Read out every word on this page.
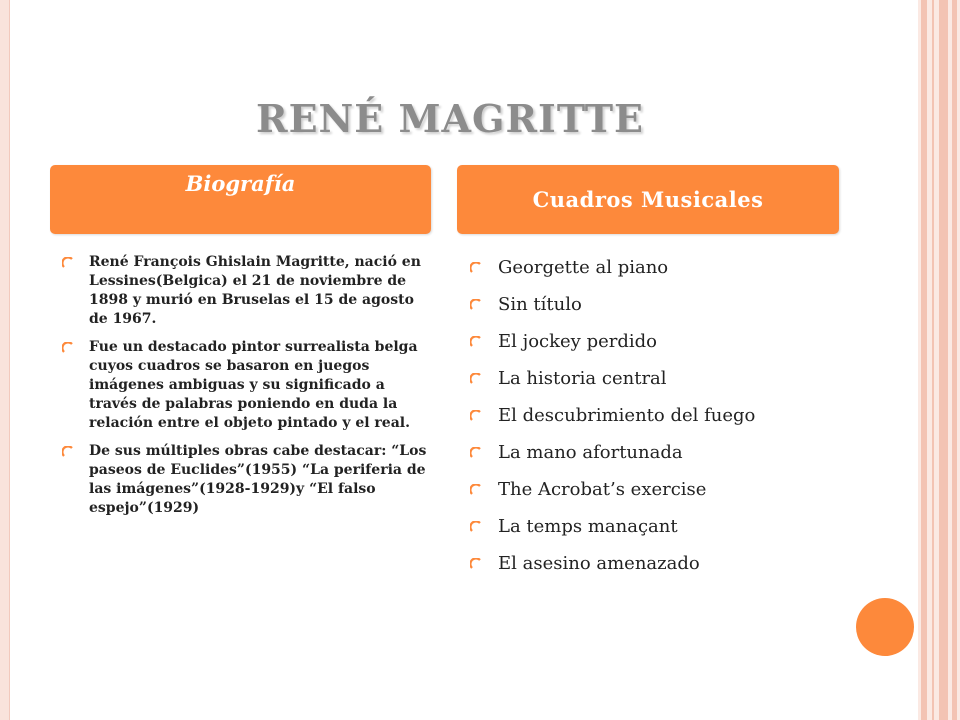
RENÉ MAGRITTE
Biografía
Cuadros Musicales
René François Ghislain Magritte, nació en Lessines(Belgica) el 21 de noviembre de 1898 y murió en Bruselas el 15 de agosto de 1967.
Fue un destacado pintor surrealista belga cuyos cuadros se basaron en juegos imágenes ambiguas y su significado a través de palabras poniendo en duda la relación entre el objeto pintado y el real.
De sus múltiples obras cabe destacar: “Los paseos de Euclides”(1955) “La periferia de las imágenes”(1928-1929)y “El falso espejo”(1929)
Georgette al piano
Sin título
El jockey perdido
La historia central
El descubrimiento del fuego
La mano afortunada
The Acrobat’s exercise
La temps manaçant
El asesino amenazado
